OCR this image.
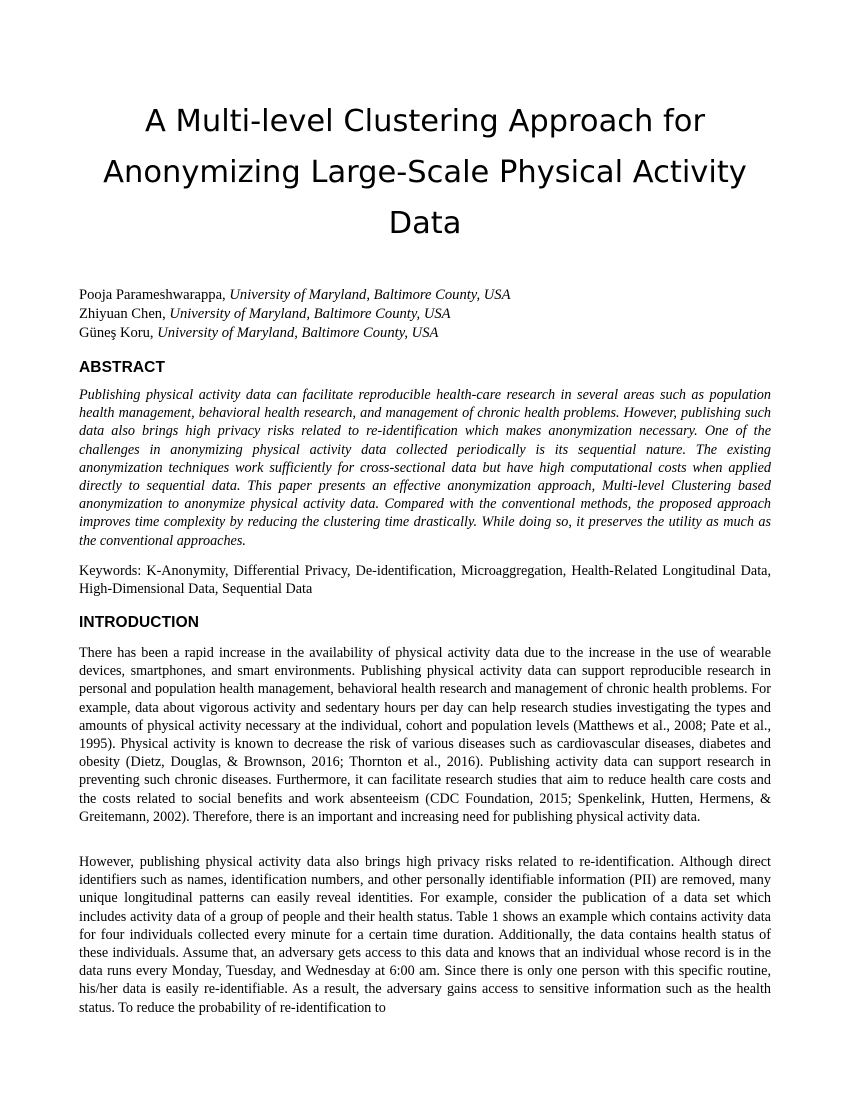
A Multi-level Clustering Approach for
Anonymizing Large-Scale Physical Activity
Data
Pooja Parameshwarappa, University of Maryland, Baltimore County, USA
Zhiyuan Chen, University of Maryland, Baltimore County, USA
Güneş Koru, University of Maryland, Baltimore County, USA
ABSTRACT

Publishing physical activity data can facilitate reproducible health-care research in several areas such as population health management, behavioral health research, and management of chronic health problems. However, publishing such data also brings high privacy risks related to re-identification which makes anonymization necessary. One of the challenges in anonymizing physical activity data collected periodically is its sequential nature. The existing anonymization techniques work sufficiently for cross-sectional data but have high computational costs when applied directly to sequential data. This paper presents an effective anonymization approach, Multi-level Clustering based anonymization to anonymize physical activity data. Compared with the conventional methods, the proposed approach improves time complexity by reducing the clustering time drastically. While doing so, it preserves the utility as much as the conventional approaches.

Keywords: K-Anonymity, Differential Privacy, De-identification, Microaggregation, Health-Related Longitudinal Data, High-Dimensional Data, Sequential Data

INTRODUCTION

There has been a rapid increase in the availability of physical activity data due to the increase in the use of wearable devices, smartphones, and smart environments. Publishing physical activity data can support reproducible research in personal and population health management, behavioral health research and management of chronic health problems. For example, data about vigorous activity and sedentary hours per day can help research studies investigating the types and amounts of physical activity necessary at the individual, cohort and population levels (Matthews et al., 2008; Pate et al., 1995). Physical activity is known to decrease the risk of various diseases such as cardiovascular diseases, diabetes and obesity (Dietz, Douglas, & Brownson, 2016; Thornton et al., 2016). Publishing activity data can support research in preventing such chronic diseases. Furthermore, it can facilitate research studies that aim to reduce health care costs and the costs related to social benefits and work absenteeism (CDC Foundation, 2015; Spenkelink, Hutten, Hermens, & Greitemann, 2002). Therefore, there is an important and increasing need for publishing physical activity data.

However, publishing physical activity data also brings high privacy risks related to re-identification. Although direct identifiers such as names, identification numbers, and other personally identifiable information (PII) are removed, many unique longitudinal patterns can easily reveal identities. For example, consider the publication of a data set which includes activity data of a group of people and their health status. Table 1 shows an example which contains activity data for four individuals collected every minute for a certain time duration. Additionally, the data contains health status of these individuals. Assume that, an adversary gets access to this data and knows that an individual whose record is in the data runs every Monday, Tuesday, and Wednesday at 6:00 am. Since there is only one person with this specific routine, his/her data is easily re-identifiable. As a result, the adversary gains access to sensitive information such as the health status. To reduce the probability of re-identification to
